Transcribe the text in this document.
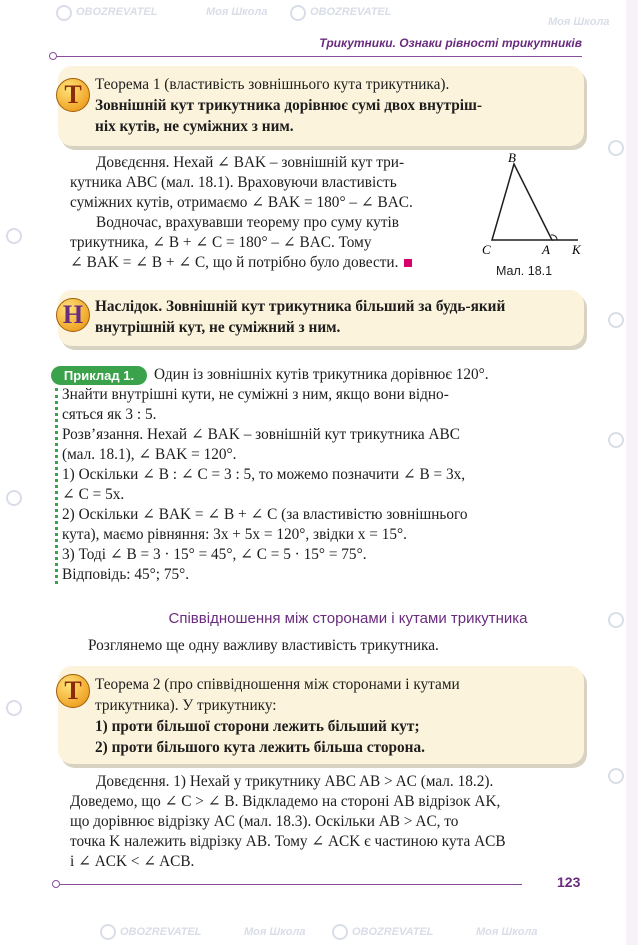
OBOZREVATEL	Моя Школа	OBOZREVATEL
Моя Школа
OBOZREVATEL	Моя Школа	OBOZREVATEL	Моя Школа
Трикутники. Ознаки рівності трикутників
Т Теорема 1 (властивість зовнішнього кута трикутника).
Зовнішній кут трикутника дорівнює сумі двох внутріш-
ніх кутів, не суміжних з ним.

Довєдєння. Нехай ∠ BAK – зовнішній кут три-

кутника ABC (мал. 18.1). Враховуючи властивість

суміжних кутів, отримаємо ∠ BAK = 180° – ∠ BAC.

Водночас, врахувавши теорему про суму кутів

трикутника, ∠ B + ∠ C = 180° – ∠ BAC. Тому

∠ BAK = ∠ B + ∠ C, що й потрібно було довести.

B
C	A K
Мал. 18.1
Н Наслідок. Зовнішній кут трикутника більший за будь-який
внутрішній кут, не суміжний з ним.
Приклад 1.	Один із зовнішніх кутів трикутника дорівнює 120°.

Знайти внутрішні кути, не суміжні з ним, якщо вони відно-

сяться як 3 : 5.

Розв’язання. Нехай ∠ BAK – зовнішній кут трикутника ABC

(мал. 18.1), ∠ BAK = 120°.

1) Оскільки ∠ B : ∠ C = 3 : 5, то можемо позначити ∠ B = 3x,

∠ C = 5x.

2) Оскільки ∠ BAK = ∠ B + ∠ C (за властивістю зовнішнього

кута), маємо рівняння: 3x + 5x = 120°, звідки x = 15°.

3) Тоді ∠ B = 3 · 15° = 45°, ∠ C = 5 · 15° = 75°.

Відповідь: 45°; 75°.

Співвідношення між сторонами і кутами трикутника

Розглянемо ще одну важливу властивість трикутника.

Т Теорема 2 (про співвідношення між сторонами і кутами
трикутника). У трикутнику:
1) проти більшої сторони лежить більший кут;
2) проти більшого кута лежить більша сторона.

Довєдєння. 1) Нехай у трикутнику ABC AB > AC (мал. 18.2).

Доведемо, що ∠ C > ∠ B. Відкладемо на стороні AB відрізок AK,

що дорівнює відрізку AC (мал. 18.3). Оскільки AB > AC, то

точка K належить відрізку AB. Тому ∠ ACK є частиною кута ACB

і ∠ ACK < ∠ ACB.

123
